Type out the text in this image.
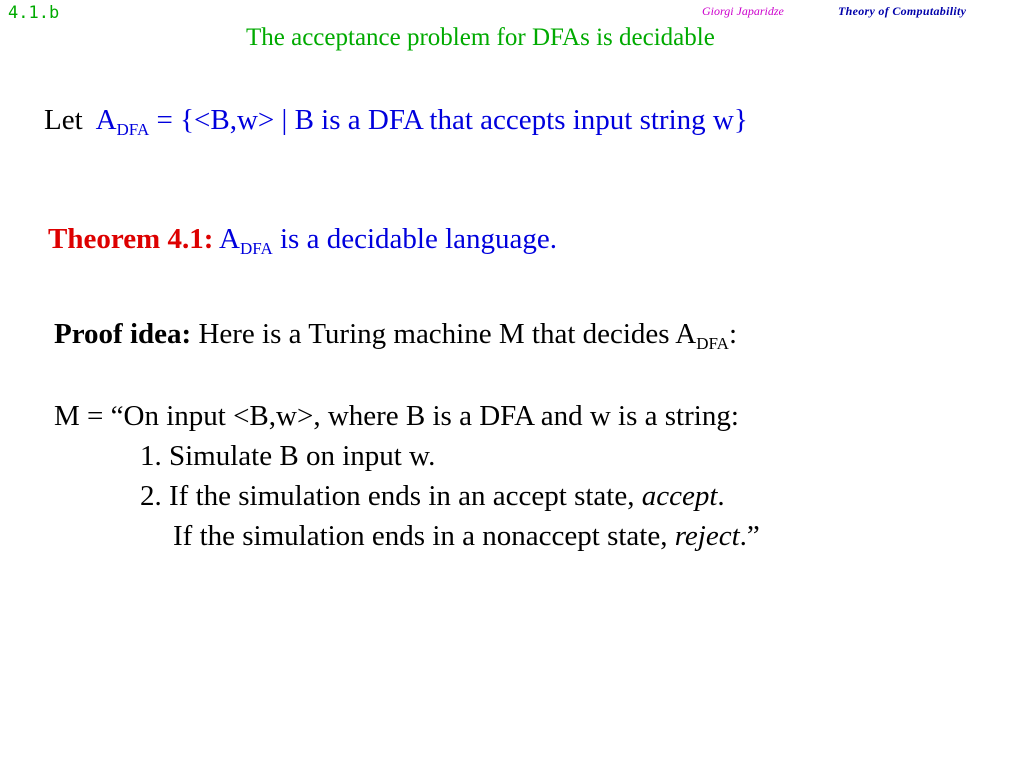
4.1.b	Giorgi Japaridze	Theory of Computability
The acceptance problem for DFAs is decidable
Let $A_{DFA} = \{<B,w>$ | B is a DFA that accepts input string w}
Theorem 4.1: $A_{DFA}$ is a decidable language.
Proof idea: Here is a Turing machine M that decides $A_{DFA}$:
M = “On input <B,w>, where B is a DFA and w is a string:
1. Simulate B on input w.
2. If the simulation ends in an accept state, accept.
If the simulation ends in a nonaccept state, reject.”
